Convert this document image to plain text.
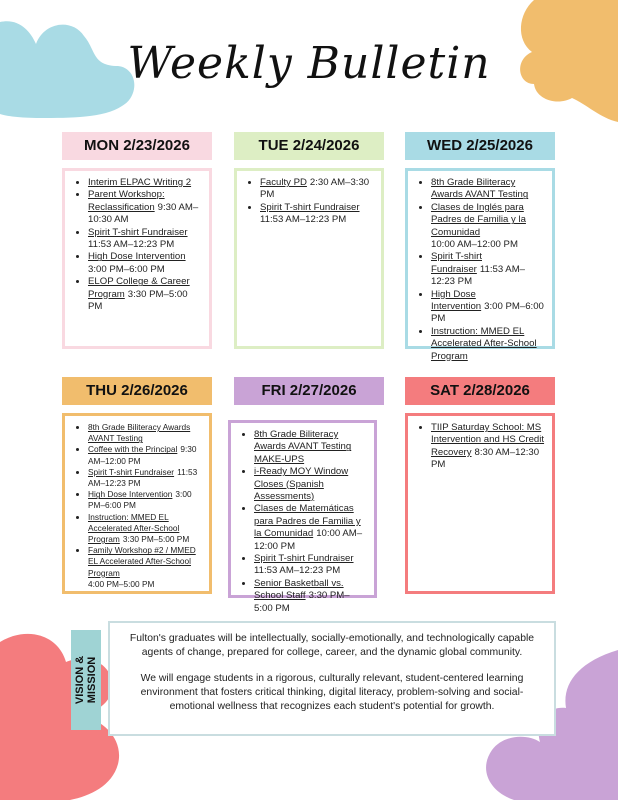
Weekly Bulletin
MON 2/23/2026	TUE 2/24/2026	WED 2/25/2026
THU 2/26/2026	FRI 2/27/2026	SAT 2/28/2026
• Interim ELPAC Writing 2
• Parent Workshop: Reclassification 9:30 AM–10:30 AM
• Spirit T-shirt Fundraiser
11:53 AM–12:23 PM
• High Dose Intervention
3:00 PM–6:00 PM
• ELOP College & Career Program 3:30 PM–5:00 PM
• Faculty PD 2:30 AM–3:30 PM
• Spirit T-shirt Fundraiser
11:53 AM–12:23 PM
• 8th Grade Biliteracy Awards AVANT Testing
• Clases de Inglés para Padres de Familia y la Comunidad
10:00 AM–12:00 PM
• Spirit T-shirt Fundraiser 11:53 AM–12:23 PM
• High Dose Intervention 3:00 PM–6:00 PM
• Instruction: MMED EL Accelerated After-School Program
• 8th Grade Biliteracy Awards AVANT Testing
• Coffee with the Principal 9:30 AM–12:00 PM
• Spirit T-shirt Fundraiser 11:53 AM–12:23 PM
• High Dose Intervention 3:00 PM–6:00 PM
• Instruction: MMED EL Accelerated After-School Program 3:30 PM–5:00 PM
• Family Workshop #2 / MMED EL Accelerated After-School Program
4:00 PM–5:00 PM
• 8th Grade Biliteracy Awards AVANT Testing MAKE-UPS
• i-Ready MOY Window Closes (Spanish Assessments)
• Clases de Matemáticas para Padres de Familia y la Comunidad 10:00 AM–12:00 PM
• Spirit T-shirt Fundraiser
11:53 AM–12:23 PM
• Senior Basketball vs. School Staff 3:30 PM–5:00 PM
• TIIP Saturday School: MS Intervention and HS Credit Recovery 8:30 AM–12:30 PM
VISION &
MISSION

Fulton's graduates will be intellectually, socially-emotionally, and technologically capable agents of change, prepared for college, career, and the dynamic global community.

We will engage students in a rigorous, culturally relevant, student-centered learning environment that fosters critical thinking, digital literacy, problem-solving and social-emotional wellness that recognizes each student's potential for growth.
